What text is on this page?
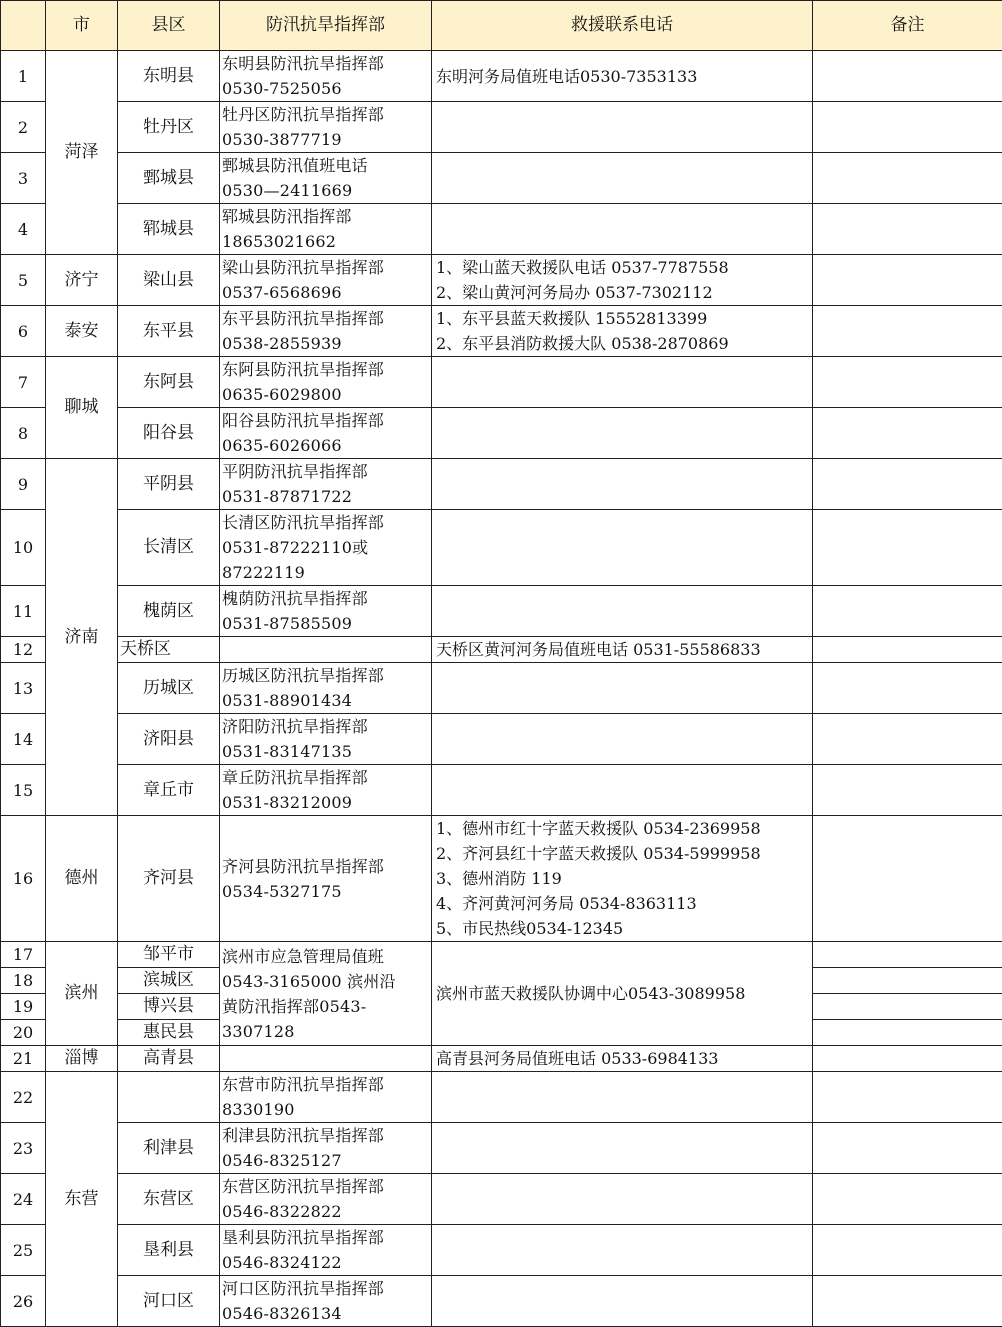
	市	县区	防汛抗旱指挥部	救援联系电话	备注
1	菏泽	东明县	东明县防汛抗旱指挥部
0530-7525056	东明河务局值班电话0530-7353133	
2		牡丹区	牡丹区防汛抗旱指挥部
0530-3877719		
3		鄄城县	鄄城县防汛值班电话
0530—2411669		
4		郓城县	郓城县防汛指挥部
18653021662		
5	济宁	梁山县	梁山县防汛抗旱指挥部
0537-6568696	1、梁山蓝天救援队电话 0537-7787558
2、梁山黄河河务局办 0537-7302112	
6	泰安	东平县	东平县防汛抗旱指挥部
0538-2855939	1、东平县蓝天救援队 15552813399
2、东平县消防救援大队 0538-2870869	
7	聊城	东阿县	东阿县防汛抗旱指挥部
0635-6029800		
8		阳谷县	阳谷县防汛抗旱指挥部
0635-6026066		
9	济南	平阴县	平阴防汛抗旱指挥部
0531-87871722		
10		长清区	长清区防汛抗旱指挥部
0531-87222110或
87222119		
11		槐荫区	槐荫防汛抗旱指挥部
0531-87585509		
12		天桥区		天桥区黄河河务局值班电话 0531-55586833	
13		历城区	历城区防汛抗旱指挥部
0531-88901434		
14		济阳县	济阳防汛抗旱指挥部
0531-83147135		
15		章丘市	章丘防汛抗旱指挥部
0531-83212009		
16	德州	齐河县	齐河县防汛抗旱指挥部
0534-5327175	1、德州市红十字蓝天救援队 0534-2369958
2、齐河县红十字蓝天救援队 0534-5999958
3、德州消防 119
4、齐河黄河河务局 0534-8363113
5、市民热线0534-12345	
17	滨州	邹平市	滨州市应急管理局值班
0543-3165000 滨州沿
黄防汛指挥部0543-
3307128	滨州市蓝天救援队协调中心0543-3089958	
18		滨城区			
19		博兴县			
20		惠民县			
21	淄博	高青县		高青县河务局值班电话 0533-6984133	
22	东营		东营市防汛抗旱指挥部
8330190		
23		利津县	利津县防汛抗旱指挥部
0546-8325127		
24		东营区	东营区防汛抗旱指挥部
0546-8322822		
25		垦利县	垦利县防汛抗旱指挥部
0546-8324122		
26		河口区	河口区防汛抗旱指挥部
0546-8326134		
